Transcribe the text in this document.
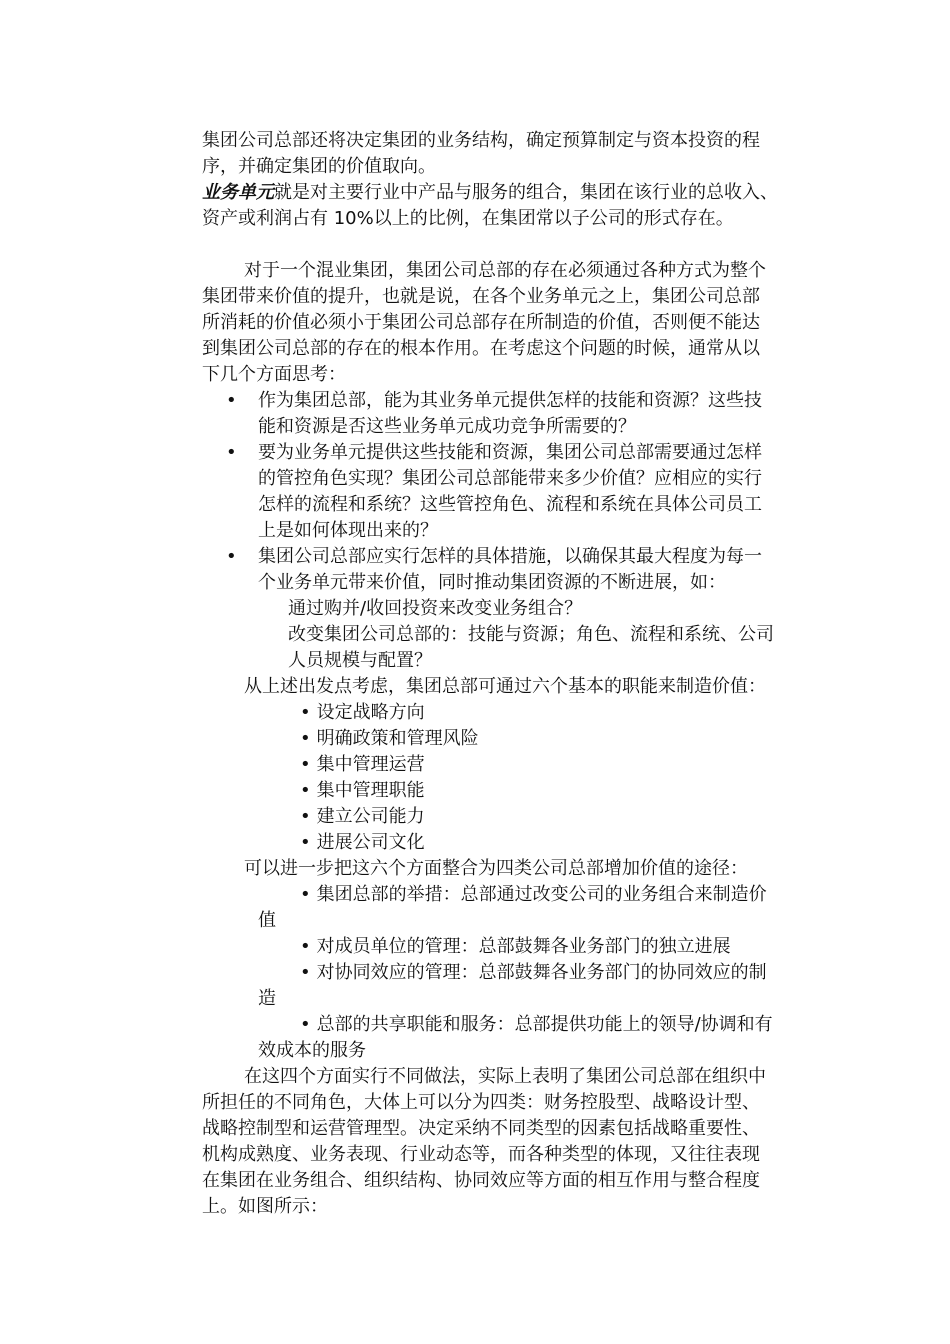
集团公司总部还将决定集团的业务结构，确定预算制定与资本投资的程
序，并确定集团的价值取向。
业务单元就是对主要行业中产品与服务的组合，集团在该行业的总收入、
资产或利润占有 10%以上的比例，在集团常以子公司的形式存在。
对于一个混业集团，集团公司总部的存在必须通过各种方式为整个
集团带来价值的提升，也就是说，在各个业务单元之上，集团公司总部
所消耗的价值必须小于集团公司总部存在所制造的价值，否则便不能达
到集团公司总部的存在的根本作用。在考虑这个问题的时候，通常从以
下几个方面思考：
• 作为集团总部，能为其业务单元提供怎样的技能和资源？这些技
能和资源是否这些业务单元成功竞争所需要的？
• 要为业务单元提供这些技能和资源，集团公司总部需要通过怎样
的管控角色实现？集团公司总部能带来多少价值？应相应的实行
怎样的流程和系统？这些管控角色、流程和系统在具体公司员工
上是如何体现出来的？
• 集团公司总部应实行怎样的具体措施，以确保其最大程度为每一
个业务单元带来价值，同时推动集团资源的不断进展，如：
通过购并/收回投资来改变业务组合？
改变集团公司总部的：技能与资源；角色、流程和系统、公司
人员规模与配置？
从上述出发点考虑，集团总部可通过六个基本的职能来制造价值：
• 设定战略方向
• 明确政策和管理风险
• 集中管理运营
• 集中管理职能
• 建立公司能力
• 进展公司文化
可以进一步把这六个方面整合为四类公司总部增加价值的途径：
• 集团总部的举措：总部通过改变公司的业务组合来制造价
值
• 对成员单位的管理：总部鼓舞各业务部门的独立进展
• 对协同效应的管理：总部鼓舞各业务部门的协同效应的制
造
• 总部的共享职能和服务：总部提供功能上的领导/协调和有
效成本的服务
在这四个方面实行不同做法，实际上表明了集团公司总部在组织中
所担任的不同角色，大体上可以分为四类：财务控股型、战略设计型、
战略控制型和运营管理型。决定采纳不同类型的因素包括战略重要性、
机构成熟度、业务表现、行业动态等，而各种类型的体现，又往往表现
在集团在业务组合、组织结构、协同效应等方面的相互作用与整合程度
上。如图所示：
